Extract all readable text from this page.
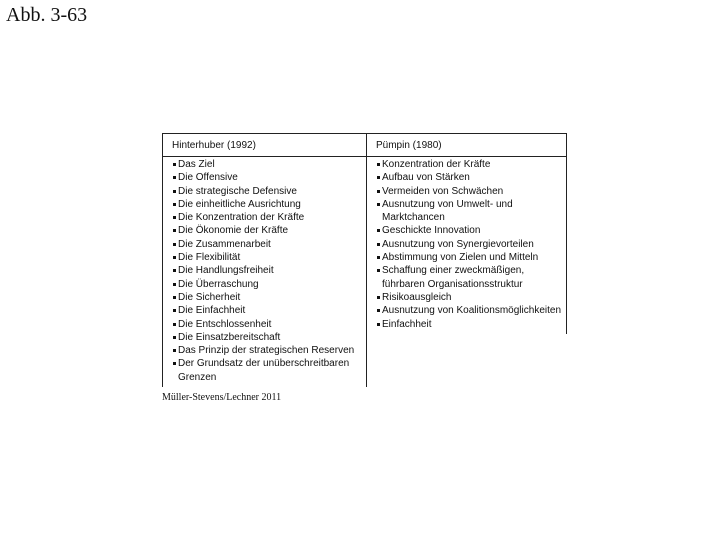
Abb. 3-63
Hinterhuber (1992)	Pümpin (1980)
Das Ziel
Die Offensive
Die strategische Defensive
Die einheitliche Ausrichtung
Die Konzentration der Kräfte
Die Ökonomie der Kräfte
Die Zusammenarbeit
Die Flexibilität
Die Handlungsfreiheit
Die Überraschung
Die Sicherheit
Die Einfachheit
Die Entschlossenheit
Die Einsatzbereitschaft
Das Prinzip der strategischen Reserven
Der Grundsatz der unüberschreitbaren
Grenzen
Konzentration der Kräfte
Aufbau von Stärken
Vermeiden von Schwächen
Ausnutzung von Umwelt- und
Marktchancen
Geschickte Innovation
Ausnutzung von Synergievorteilen
Abstimmung von Zielen und Mitteln
Schaffung einer zweckmäßigen,
führbaren Organisationsstruktur
Risikoausgleich
Ausnutzung von Koalitionsmöglichkeiten
Einfachheit
Müller-Stevens/Lechner 2011
